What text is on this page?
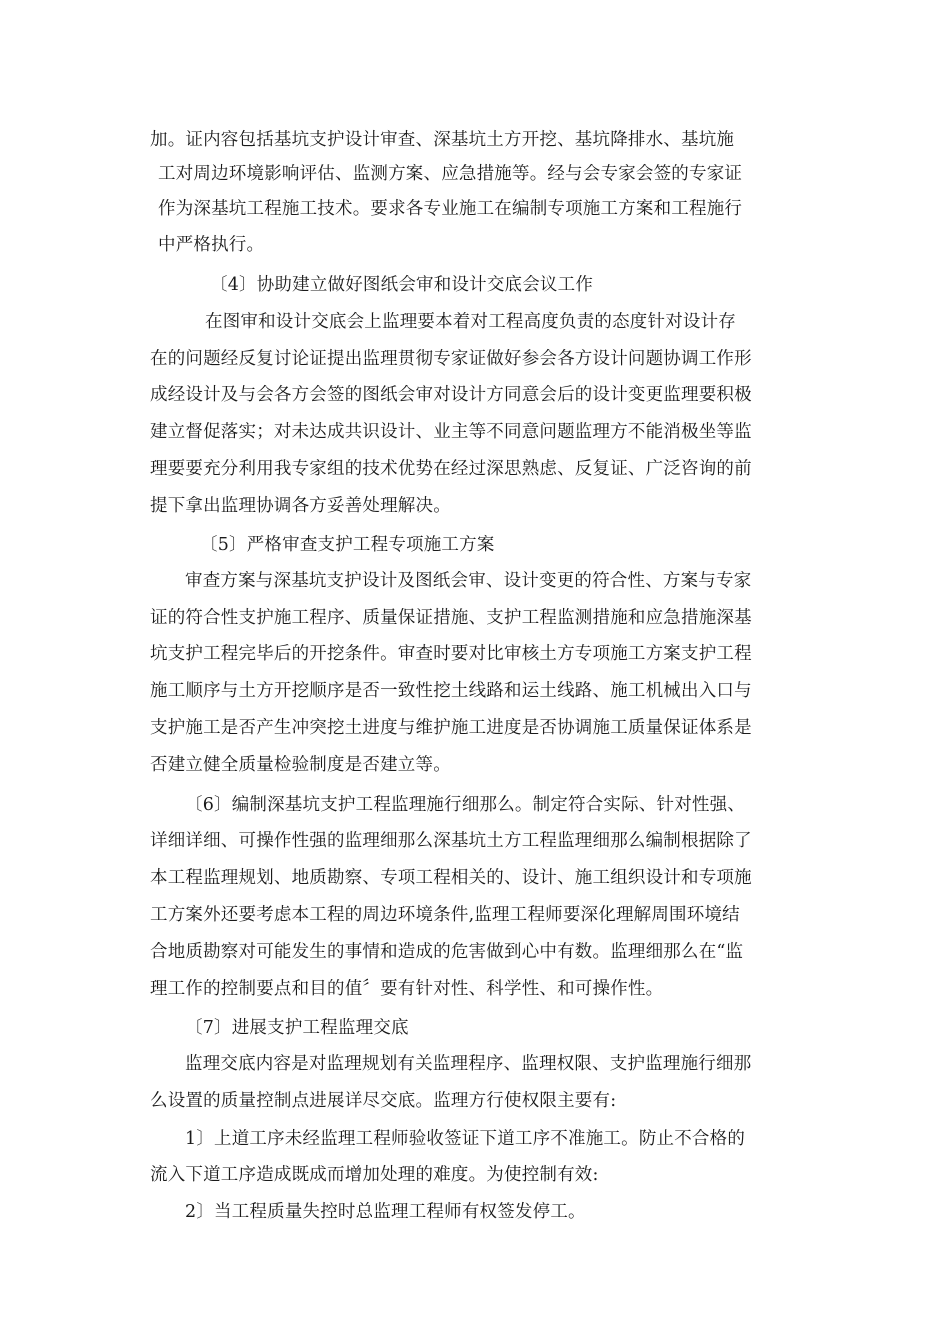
加。证内容包括基坑支护设计审查、深基坑土方开挖、基坑降排水、基坑施
工对周边环境影响评估、监测方案、应急措施等。经与会专家会签的专家证
作为深基坑工程施工技术。要求各专业施工在编制专项施工方案和工程施行
中严格执行。
〔4〕协助建立做好图纸会审和设计交底会议工作
在图审和设计交底会上监理要本着对工程高度负责的态度针对设计存
在的问题经反复讨论证提出监理贯彻专家证做好参会各方设计问题协调工作形
成经设计及与会各方会签的图纸会审对设计方同意会后的设计变更监理要积极
建立督促落实；对未达成共识设计、业主等不同意问题监理方不能消极坐等监
理要要充分利用我专家组的技术优势在经过深思熟虑、反复证、广泛咨询的前
提下拿出监理协调各方妥善处理解决。
〔5〕严格审查支护工程专项施工方案
审查方案与深基坑支护设计及图纸会审、设计变更的符合性、方案与专家
证的符合性支护施工程序、质量保证措施、支护工程监测措施和应急措施深基
坑支护工程完毕后的开挖条件。审查时要对比审核土方专项施工方案支护工程
施工顺序与土方开挖顺序是否一致性挖土线路和运土线路、施工机械出入口与
支护施工是否产生冲突挖土进度与维护施工进度是否协调施工质量保证体系是
否建立健全质量检验制度是否建立等。
〔6〕编制深基坑支护工程监理施行细那么。制定符合实际、针对性强、
详细详细、可操作性强的监理细那么深基坑土方工程监理细那么编制根据除了
本工程监理规划、地质勘察、专项工程相关的、设计、施工组织设计和专项施
工方案外还要考虑本工程的周边环境条件,监理工程师要深化理解周围环境结
合地质勘察对可能发生的事情和造成的危害做到心中有数。监理细那么在“监
理工作的控制要点和目的值〞要有针对性、科学性、和可操作性。
〔7〕进展支护工程监理交底
监理交底内容是对监理规划有关监理程序、监理权限、支护监理施行细那
么设置的质量控制点进展详尽交底。监理方行使权限主要有:
1〕上道工序未经监理工程师验收签证下道工序不准施工。防止不合格的
流入下道工序造成既成而增加处理的难度。为使控制有效:
2〕当工程质量失控时总监理工程师有权签发停工。
